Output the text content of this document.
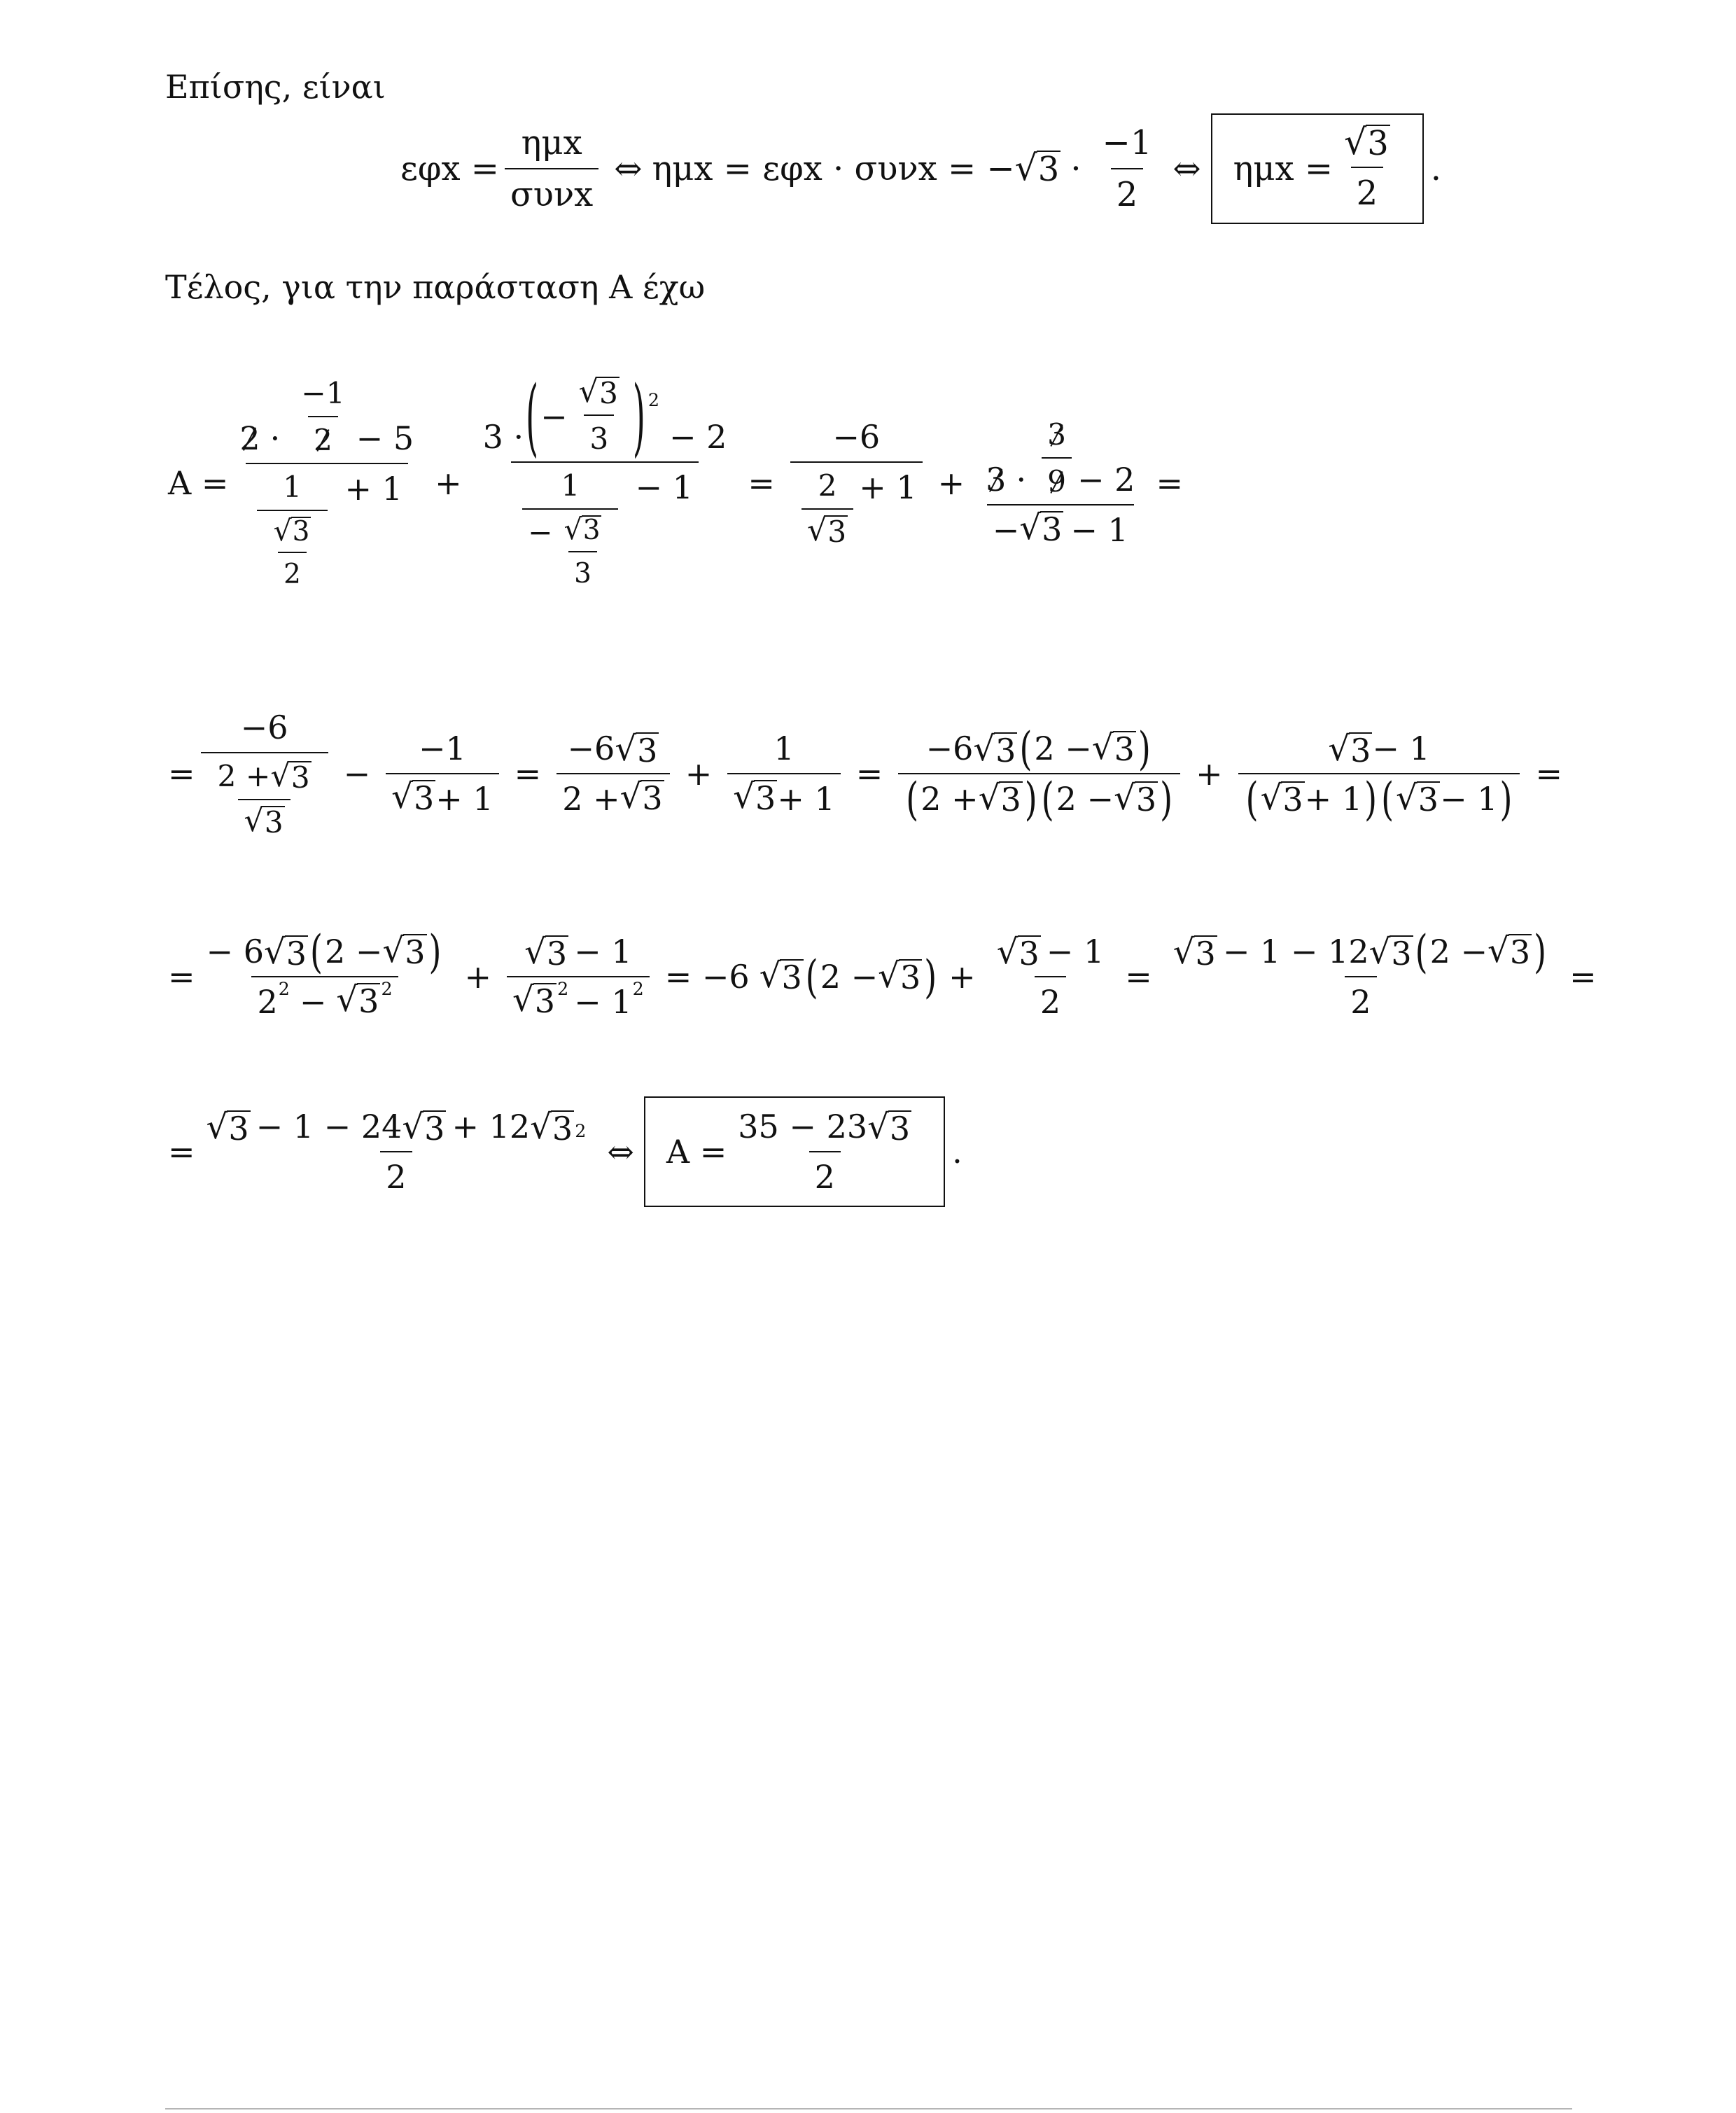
Επίσης, είναι
$\varepsilon\varphi x = \frac{\text{ημx}}{\text{συνx}}$ ⇔ ημx = εφx · συνx = − √ $3 \cdot \frac{-1}{2}$ ⇔ $\eta\mu x = \frac{√ 3}{2}$ .
Τέλος, για την παράσταση Α έχω
$A = \frac{2 \cdot \frac{-1}{2} - 5}{\frac{1}{\frac{√ 3}{2}} + 1} + 3$ · ( − $\frac{√ 3}{3}$ ) 2
− 2
$\frac{1}{- \frac{√ 3}{3}} - 1 = \frac{-6}{\frac{2}{√ 3} + 1} + \frac{3 \cdot \frac{3}{9} - 2}{- √ 3 - 1}$ =
= $\frac{-6}{\frac{2 + √ 3}{√ 3}} - \frac{-1}{√ 3 + 1} = \frac{-6 √ 3}{2 + √ 3} + \frac{1}{√ 3 + 1} = \frac{-6 √ 3 ( 2 - √ 3 )}{( 2 + √ 3 ) ( 2 - √ 3 )} + \frac{√ 3 - 1}{( √ 3 + 1 ) ( √ 3 - 1 )}$ =
= $\frac{- 6 √ 3 ( 2 - √ 3 )}{2 2 - √ 3 2} + \frac{√ 3 - 1}{√ 3 2 - 1 2} = -6$ √ 3 ( 2 − √ 3 ) + $\frac{√ 3 - 1}{2} = \frac{√ 3 - 1 - 12 √ 3 ( 2 - √ 3 )}{2}$ =
= $\frac{√ 3 - 1 - 24 √ 3 + 12 √ 3 2}{2}$ ⇔ $A = \frac{35 - 23 √ 3}{2}$ .
